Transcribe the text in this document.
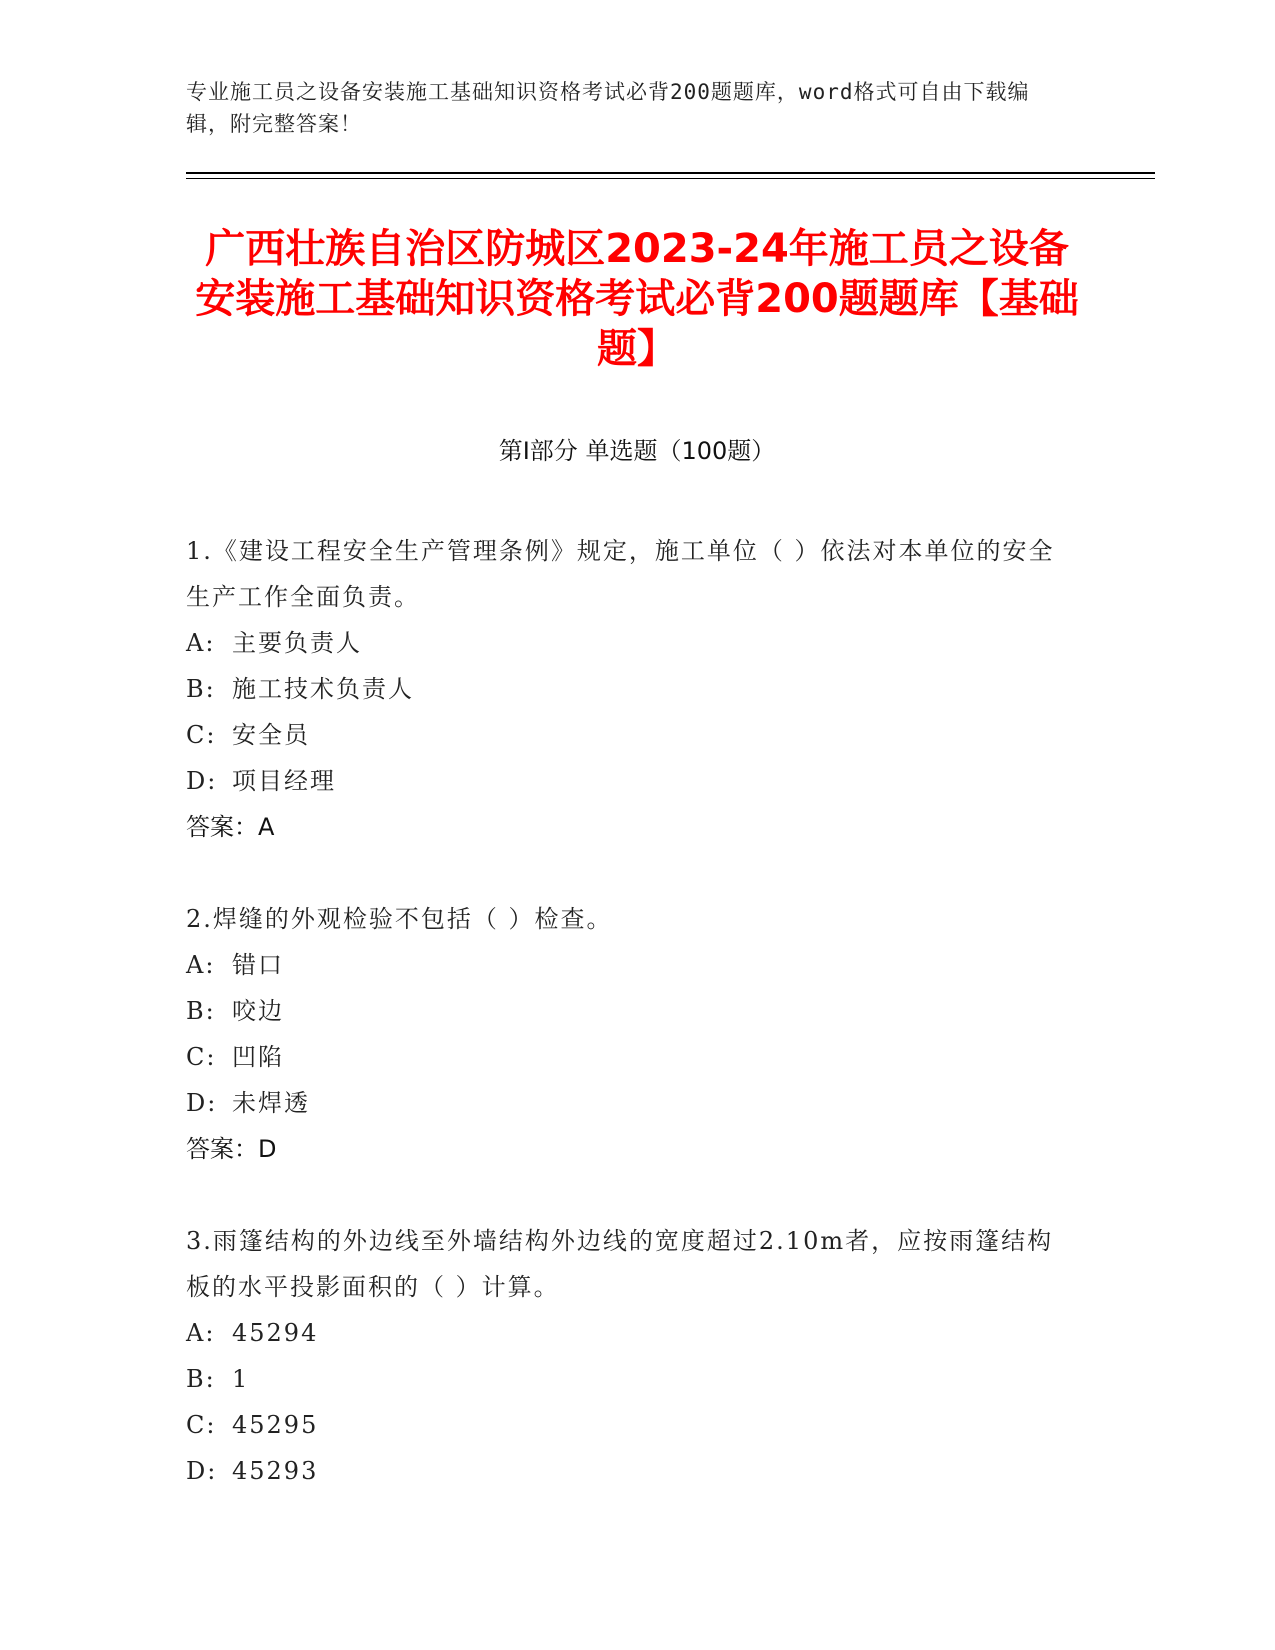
专业施工员之设备安装施工基础知识资格考试必背200题题库，word格式可自由下载编辑，附完整答案！
广西壮族自治区防城区2023-24年施工员之设备安装施工基础知识资格考试必背200题题库【基础题】
第Ⅰ部分 单选题（100题）
1.《建设工程安全生产管理条例》规定，施工单位（ ）依法对本单位的安全生产工作全面负责。
A: 主要负责人
B: 施工技术负责人
C: 安全员
D: 项目经理
答案：A
2.焊缝的外观检验不包括（ ）检查。
A: 错口
B: 咬边
C: 凹陷
D: 未焊透
答案：D
3.雨篷结构的外边线至外墙结构外边线的宽度超过2.10m者，应按雨篷结构板的水平投影面积的（ ）计算。
A: 45294
B: 1
C: 45295
D: 45293
